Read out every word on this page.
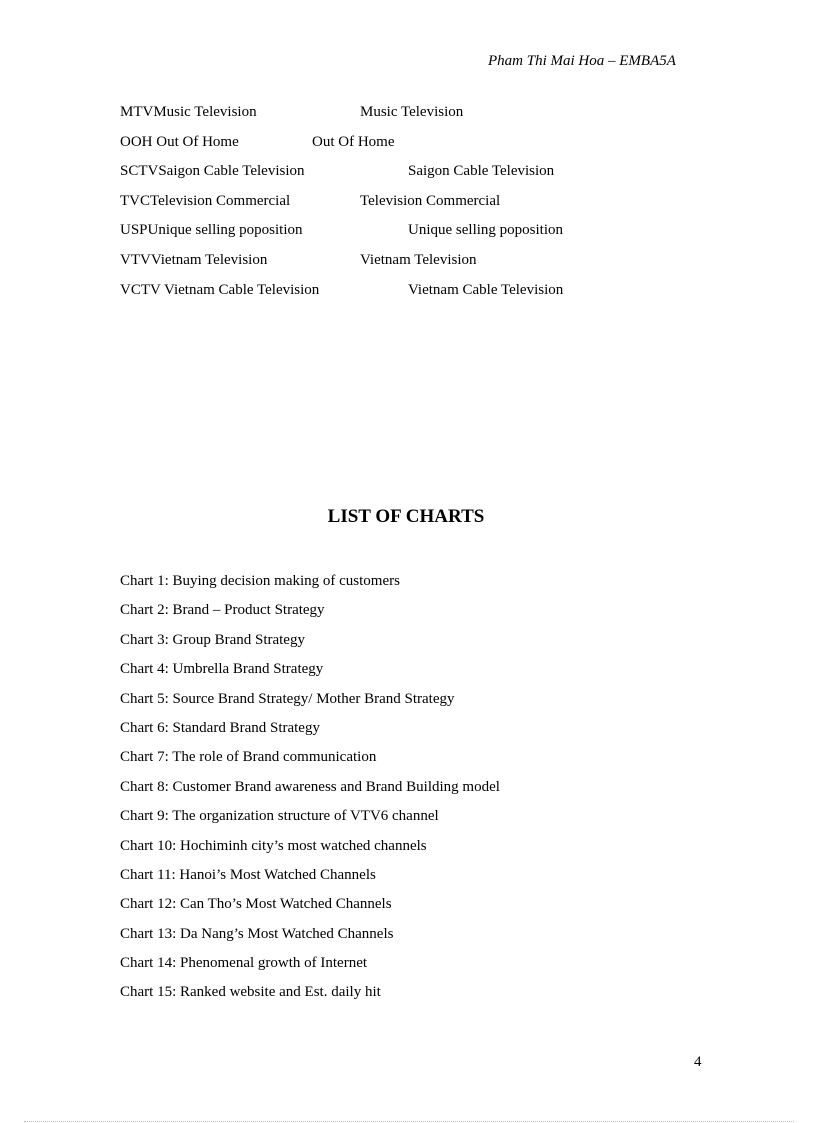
Pham Thi Mai Hoa – EMBA5A
MTVMusic Television	Music Television
OOH Out Of Home	Out Of Home
SCTVSaigon Cable Television	Saigon Cable Television
TVCTelevision Commercial	Television Commercial
USPUnique selling poposition	Unique selling poposition
VTVVietnam Television	Vietnam Television
VCTV Vietnam Cable Television	Vietnam Cable Television
LIST OF CHARTS
Chart 1: Buying decision making of customers
Chart 2: Brand – Product Strategy
Chart 3: Group Brand Strategy
Chart 4: Umbrella Brand Strategy
Chart 5: Source Brand Strategy/ Mother Brand Strategy
Chart 6: Standard Brand Strategy
Chart 7: The role of Brand communication
Chart 8: Customer Brand awareness and Brand Building model
Chart 9: The organization structure of VTV6 channel
Chart 10: Hochiminh city’s most watched channels
Chart 11: Hanoi’s Most Watched Channels
Chart 12: Can Tho’s Most Watched Channels
Chart 13: Da Nang’s Most Watched Channels
Chart 14: Phenomenal growth of Internet
Chart 15: Ranked website and Est. daily hit
4
